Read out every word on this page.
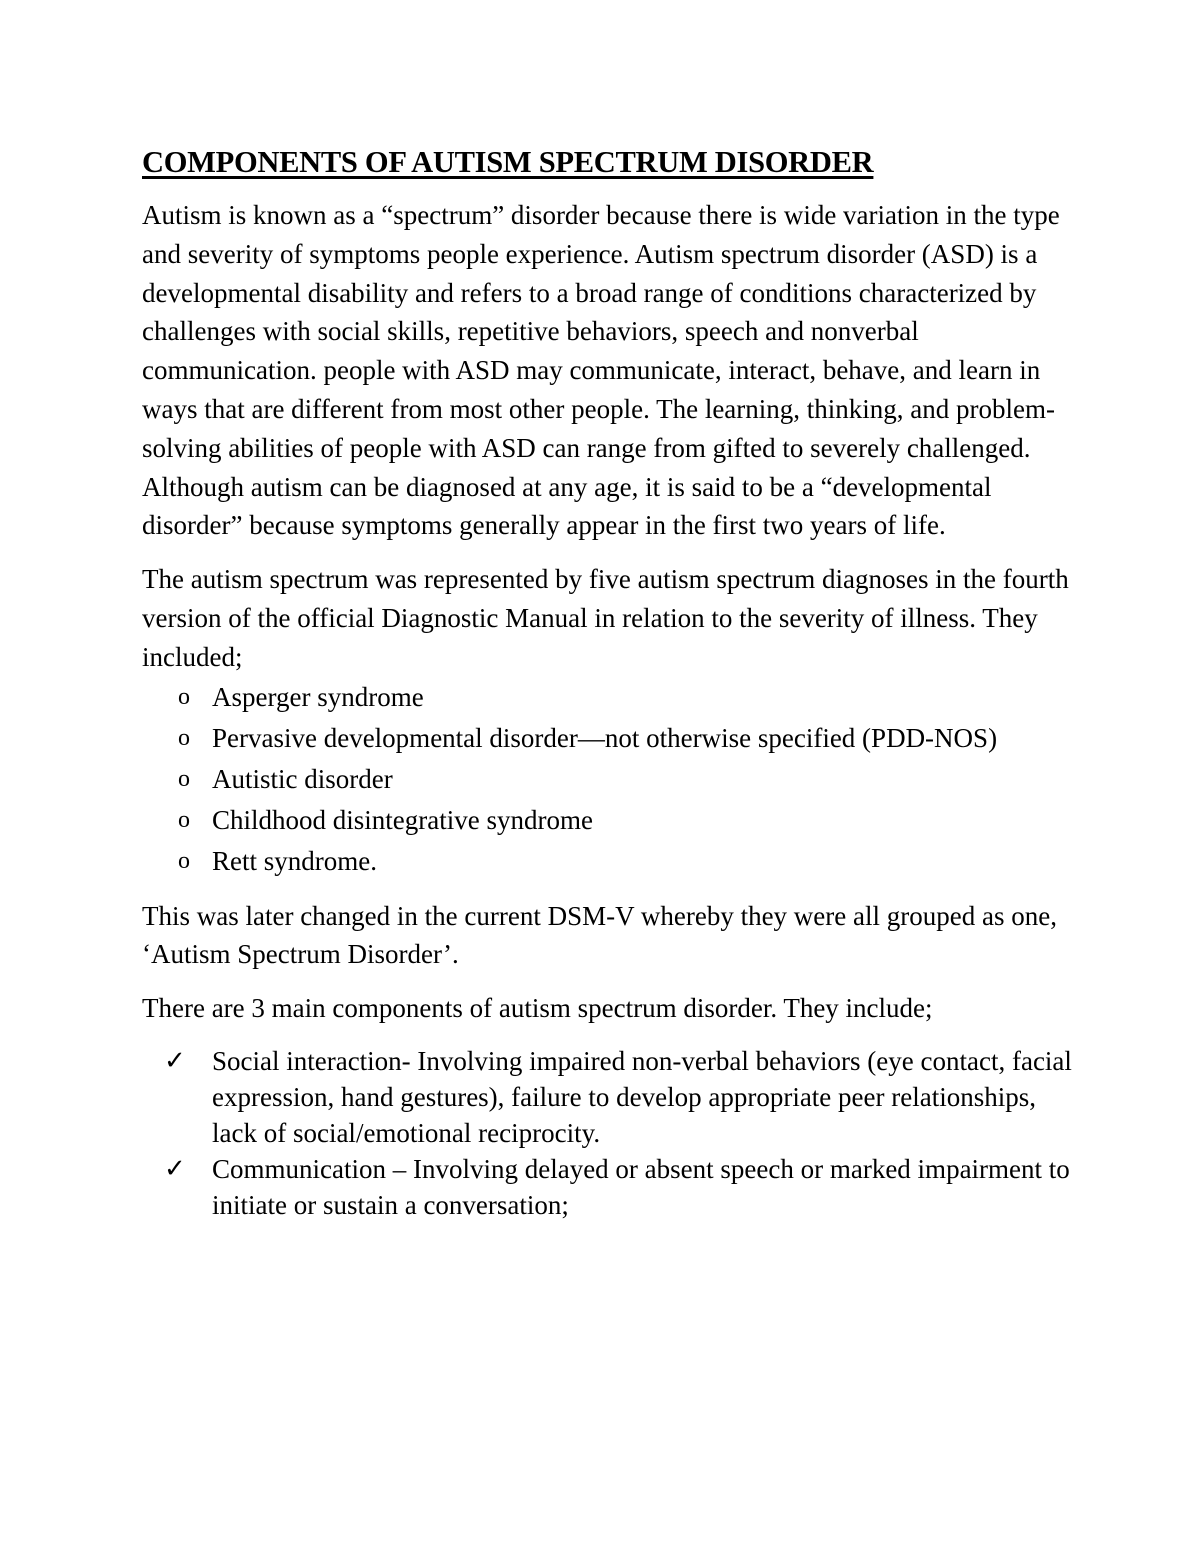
COMPONENTS OF AUTISM SPECTRUM DISORDER

Autism is known as a “spectrum” disorder because there is wide variation in the type and severity of symptoms people experience. Autism spectrum disorder (ASD) is a developmental disability and refers to a broad range of conditions characterized by challenges with social skills, repetitive behaviors, speech and nonverbal communication. people with ASD may communicate, interact, behave, and learn in ways that are different from most other people. The learning, thinking, and problem-solving abilities of people with ASD can range from gifted to severely challenged. Although autism can be diagnosed at any age, it is said to be a “developmental disorder” because symptoms generally appear in the first two years of life.

The autism spectrum was represented by five autism spectrum diagnoses in the fourth version of the official Diagnostic Manual in relation to the severity of illness. They included;

o Asperger syndrome
o Pervasive developmental disorder—not otherwise specified (PDD-NOS)
o Autistic disorder
o Childhood disintegrative syndrome
o Rett syndrome.

This was later changed in the current DSM-V whereby they were all grouped as one, ‘Autism Spectrum Disorder’.

There are 3 main components of autism spectrum disorder. They include;

✓ Social interaction- Involving impaired non-verbal behaviors (eye contact, facial expression, hand gestures), failure to develop appropriate peer relationships, lack of social/emotional reciprocity.
✓ Communication – Involving delayed or absent speech or marked impairment to initiate or sustain a conversation;
